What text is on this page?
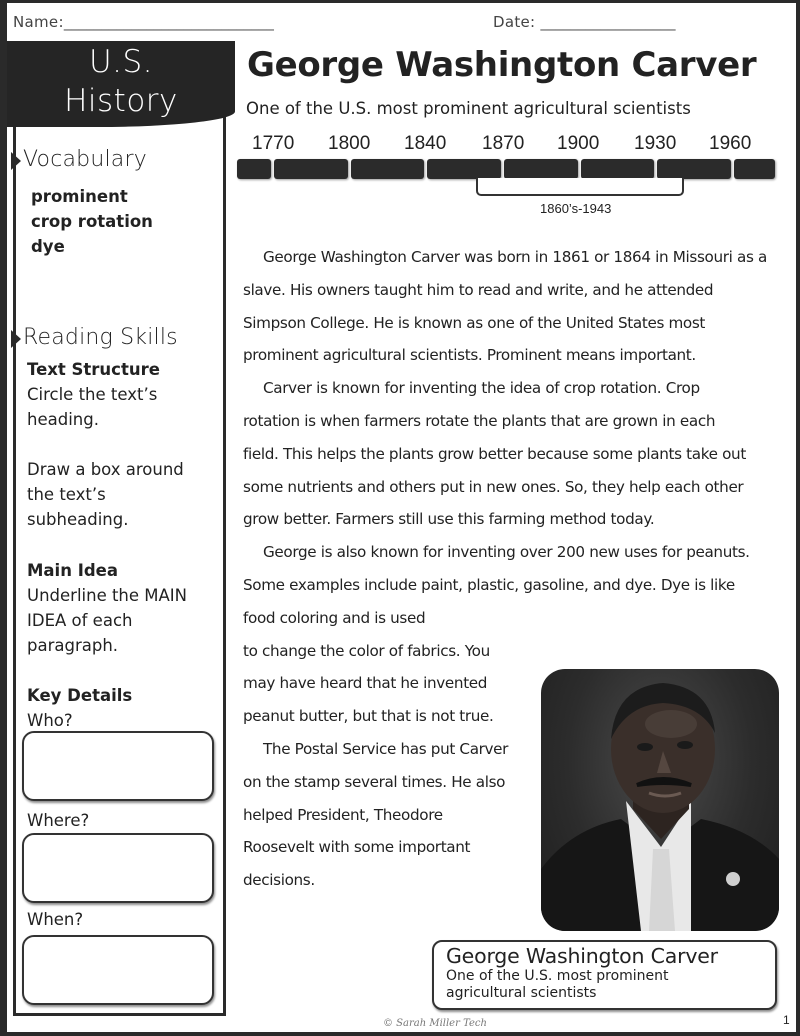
Name:____________________________	Date: __________________
U.S.
History
Vocabulary
prominent
crop rotation
dye
Reading Skills
Text Structure
Circle the text’s
heading.
Draw a box around
the text’s
subheading.
Main Idea
Underline the MAIN
IDEA of each
paragraph.
Key Details
Who?
Where?
When?
George Washington Carver
One of the U.S. most prominent agricultural scientists
1770 1800 1840 1870 1900 1930 1960
1860’s-1943

George Washington Carver was born in 1861 or 1864 in Missouri as a
slave. His owners taught him to read and write, and he attended
Simpson College. He is known as one of the United States most
prominent agricultural scientists. Prominent means important.

Carver is known for inventing the idea of crop rotation. Crop
rotation is when farmers rotate the plants that are grown in each
field. This helps the plants grow better because some plants take out
some nutrients and others put in new ones. So, they help each other
grow better. Farmers still use this farming method today.

George is also known for inventing over 200 new uses for peanuts.
Some examples include paint, plastic, gasoline, and dye. Dye is like
food coloring and is used
to change the color of fabrics. You
may have heard that he invented
peanut butter, but that is not true.

The Postal Service has put Carver
on the stamp several times. He also
helped President, Theodore
Roosevelt with some important
decisions.

George Washington Carver
One of the U.S. most prominent
agricultural scientists
© Sarah Miller Tech	1
